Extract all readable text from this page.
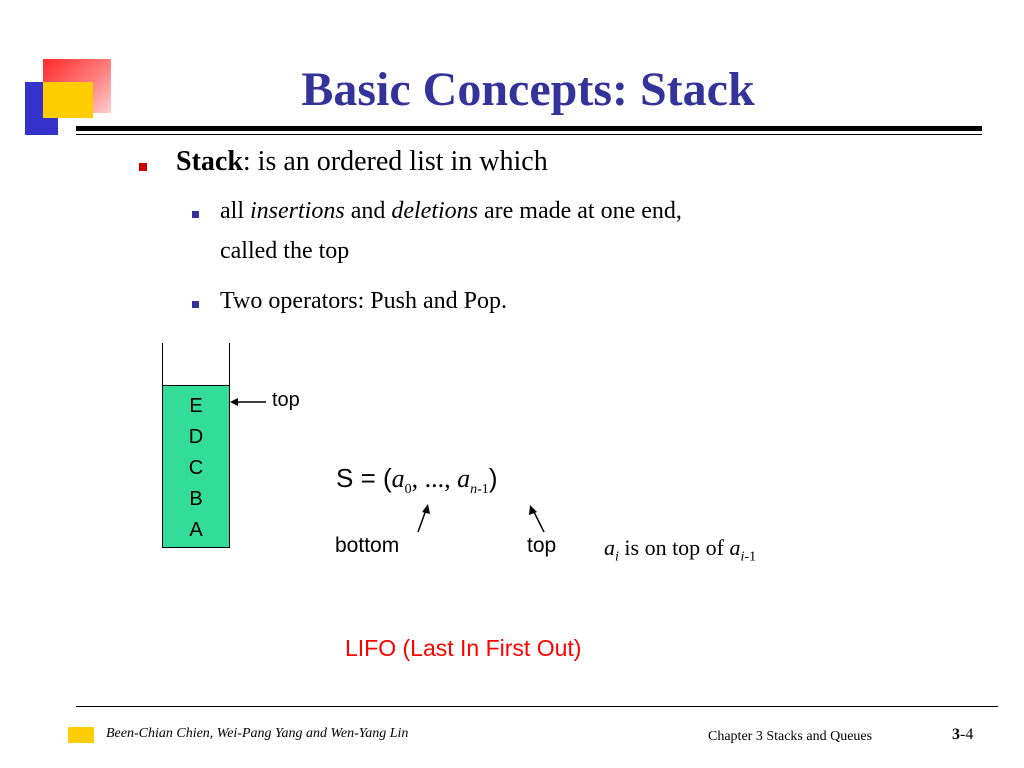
Basic Concepts: Stack
Stack: is an ordered list in which
all insertions and deletions are made at one end,
called the top
Two operators: Push and Pop.
E
D
C
B
A
top
$S = (a_0$, ..., $a_{n-1}$)
bottom	top $a_i$ is on top of $a_{i-1}$
LIFO (Last In First Out)
Been-Chian Chien, Wei-Pang Yang and Wen-Yang Lin	Chapter 3 Stacks and Queues	3-4
